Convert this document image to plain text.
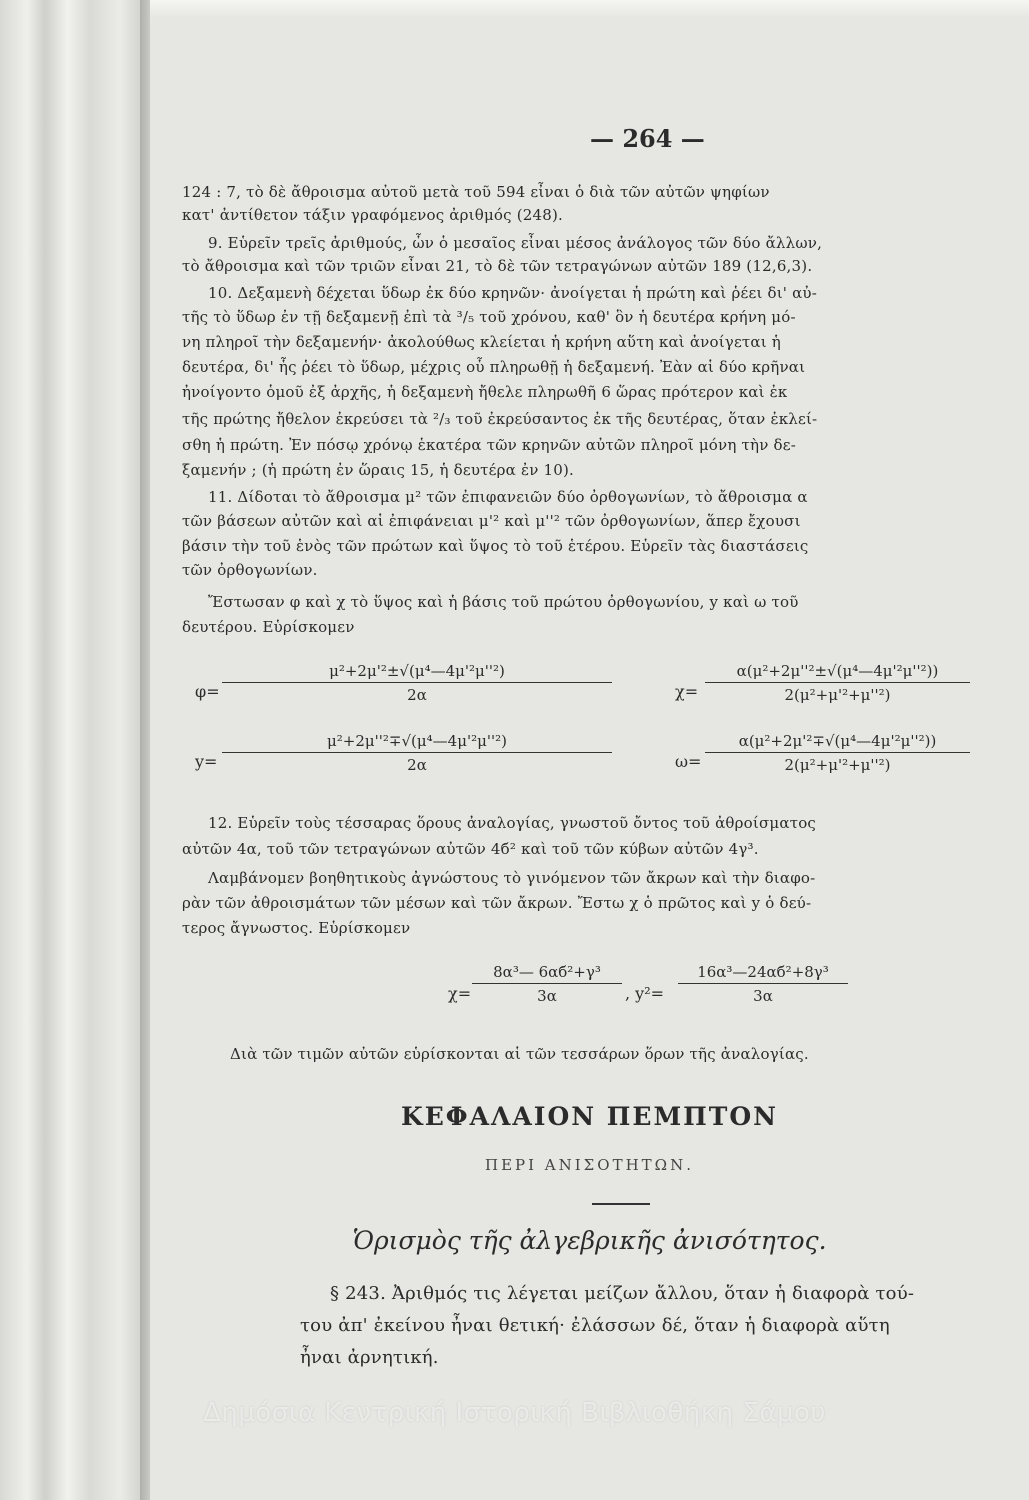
— 264 —
124 : 7, τὸ δὲ ἄθροισμα αὐτοῦ μετὰ τοῦ 594 εἶναι ὁ διὰ τῶν αὐτῶν ψηφίων
κατ' ἀντίθετον τάξιν γραφόμενος ἀριθμός (248).
9. Εὑρεῖν τρεῖς ἀριθμούς, ὧν ὁ μεσαῖος εἶναι μέσος ἀνάλογος τῶν δύο ἄλλων,
τὸ ἄθροισμα καὶ τῶν τριῶν εἶναι 21, τὸ δὲ τῶν τετραγώνων αὐτῶν 189 (12,6,3).
10. Δεξαμενὴ δέχεται ὕδωρ ἐκ δύο κρηνῶν· ἀνοίγεται ἡ πρώτη καὶ ῥέει δι' αὐ-
τῆς τὸ ὕδωρ ἐν τῇ δεξαμενῇ ἐπὶ τὰ ³/₅ τοῦ χρόνου, καθ' ὃν ἡ δευτέρα κρήνη μό-
νη πληροῖ τὴν δεξαμενήν· ἀκολούθως κλείεται ἡ κρήνη αὕτη καὶ ἀνοίγεται ἡ
δευτέρα, δι' ἧς ῥέει τὸ ὕδωρ, μέχρις οὗ πληρωθῇ ἡ δεξαμενή. Ἐὰν αἱ δύο κρῆναι
ἠνοίγοντο ὁμοῦ ἐξ ἀρχῆς, ἡ δεξαμενὴ ἤθελε πληρωθῆ 6 ὥρας πρότερον καὶ ἐκ
τῆς πρώτης ἤθελον ἐκρεύσει τὰ ²/₃ τοῦ ἐκρεύσαντος ἐκ τῆς δευτέρας, ὅταν ἐκλεί-
σθη ἡ πρώτη. Ἐν πόσῳ χρόνῳ ἑκατέρα τῶν κρηνῶν αὐτῶν πληροῖ μόνη τὴν δε-
ξαμενήν ; (ἡ πρώτη ἐν ὥραις 15, ἡ δευτέρα ἐν 10).
11. Δίδοται τὸ ἄθροισμα μ² τῶν ἐπιφανειῶν δύο ὀρθογωνίων, τὸ ἄθροισμα α
τῶν βάσεων αὐτῶν καὶ αἱ ἐπιφάνειαι μ'² καὶ μ''² τῶν ὀρθογωνίων, ἅπερ ἔχουσι
βάσιν τὴν τοῦ ἑνὸς τῶν πρώτων καὶ ὕψος τὸ τοῦ ἑτέρου. Εὑρεῖν τὰς διαστάσεις
τῶν ὀρθογωνίων.
Ἔστωσαν φ καὶ χ τὸ ὕψος καὶ ἡ βάσις τοῦ πρώτου ὀρθογωνίου, y καὶ ω τοῦ
δευτέρου. Εὑρίσκομεν
$\varphi= \frac{\text{μ²+2μ'²±√(μ⁴—4μ'²μ''²)}}{2\alpha}$	$\chi= \frac{\text{α(μ²+2μ''²±√(μ⁴—4μ'²μ''²))}}{\text{2(μ²+μ'²+μ''²)}}$
$y= \frac{\text{μ²+2μ''²∓√(μ⁴—4μ'²μ''²)}}{2\alpha}$	$\omega= \frac{\text{α(μ²+2μ'²∓√(μ⁴—4μ'²μ''²))}}{\text{2(μ²+μ'²+μ''²)}}$
12. Εὑρεῖν τοὺς τέσσαρας ὅρους ἀναλογίας, γνωστοῦ ὄντος τοῦ ἀθροίσματος
αὐτῶν 4α, τοῦ τῶν τετραγώνων αὐτῶν 4б² καὶ τοῦ τῶν κύβων αὐτῶν 4γ³.
Λαμβάνομεν βοηθητικοὺς ἀγνώστους τὸ γινόμενον τῶν ἄκρων καὶ τὴν διαφο-
ρὰν τῶν ἀθροισμάτων τῶν μέσων καὶ τῶν ἄκρων. Ἔστω χ ὁ πρῶτος καὶ y ὁ δεύ-
τερος ἄγνωστος. Εὑρίσκομεν
$\chi= \frac{\text{8α³— 6αб²+γ³}}{3\alpha}$ , $y^2= \frac{\text{16α³—24αб²+8γ³}}{3\alpha}$
Διὰ τῶν τιμῶν αὐτῶν εὑρίσκονται αἱ τῶν τεσσάρων ὅρων τῆς ἀναλογίας.
ΚΕΦΑΛΑΙΟΝ ΠΕΜΠΤΟΝ
ΠΕΡΙ ΑΝΙΣΟΤΗΤΩΝ.
Ὁρισμὸς τῆς ἀλγεβρικῆς ἀνισότητος.
§ 243. Ἀριθμός τις λέγεται μείζων ἄλλου, ὅταν ἡ διαφορὰ τού-
του ἀπ' ἐκείνου ἦναι θετική· ἐλάσσων δέ, ὅταν ἡ διαφορὰ αὕτη
ἦναι ἀρνητική.
Δημόσια Κεντρική Ιστορική Βιβλιοθήκη Σάμου
